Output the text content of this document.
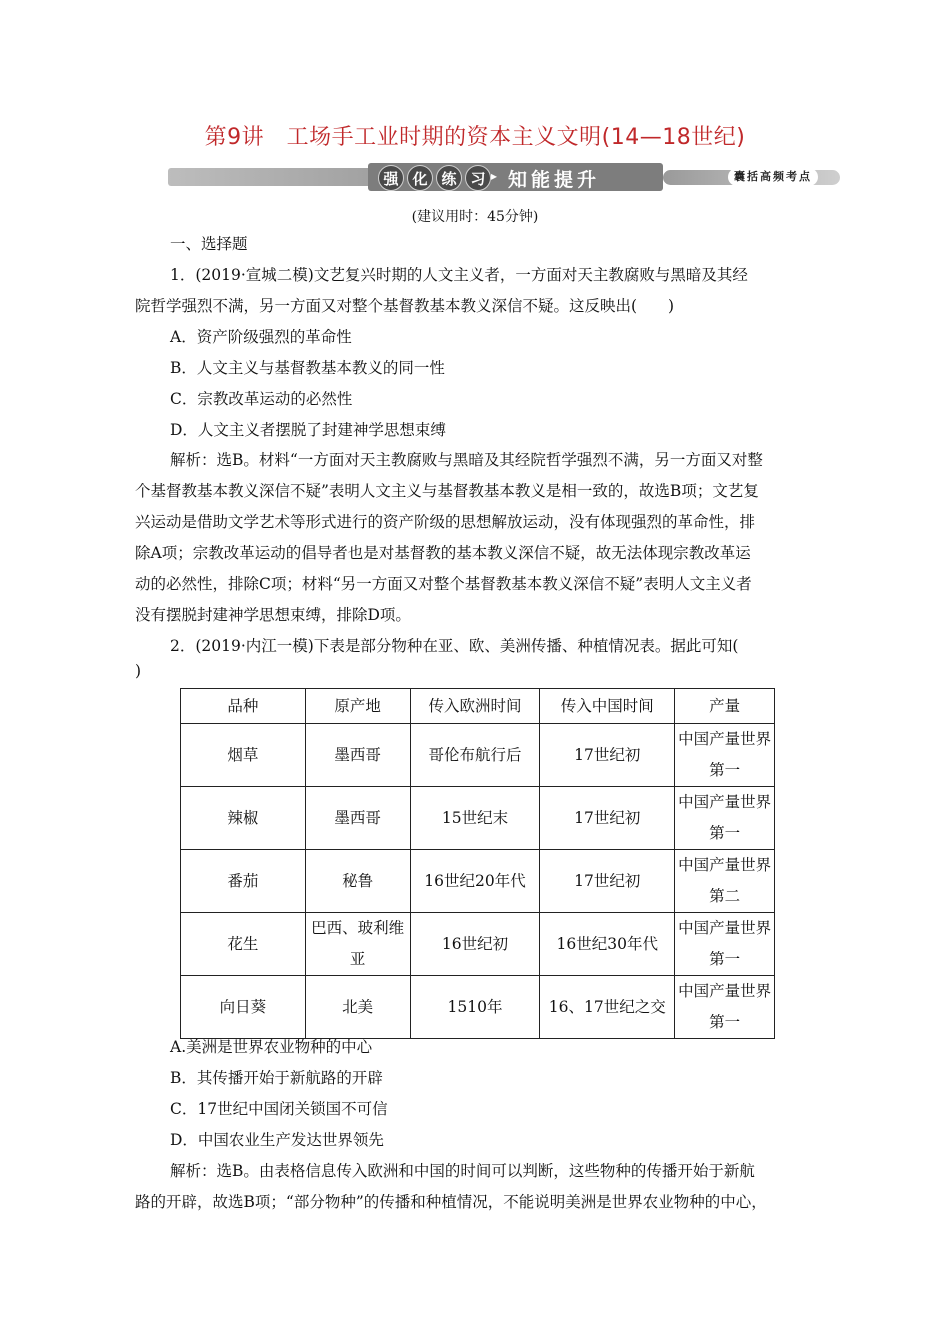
第9讲　工场手工业时期的资本主义文明(14—18世纪)
强 化 练 习 ▸ 知能提升	囊括高频考点
(建议用时：45分钟)
一、选择题
1．(2019·宣城二模)文艺复兴时期的人文主义者，一方面对天主教腐败与黑暗及其经
院哲学强烈不满，另一方面又对整个基督教基本教义深信不疑。这反映出(　　)
A．资产阶级强烈的革命性
B．人文主义与基督教基本教义的同一性
C．宗教改革运动的必然性
D．人文主义者摆脱了封建神学思想束缚
解析：选B。材料“一方面对天主教腐败与黑暗及其经院哲学强烈不满，另一方面又对整
个基督教基本教义深信不疑”表明人文主义与基督教基本教义是相一致的，故选B项；文艺复
兴运动是借助文学艺术等形式进行的资产阶级的思想解放运动，没有体现强烈的革命性，排
除A项；宗教改革运动的倡导者也是对基督教的基本教义深信不疑，故无法体现宗教改革运
动的必然性，排除C项；材料“另一方面又对整个基督教基本教义深信不疑”表明人文主义者
没有摆脱封建神学思想束缚，排除D项。
2．(2019·内江一模)下表是部分物种在亚、欧、美洲传播、种植情况表。据此可知(
)
品种	原产地	传入欧洲时间	传入中国时间	产量
烟草	墨西哥	哥伦布航行后	17世纪初	中国产量世界第一
辣椒	墨西哥	15世纪末	17世纪初	中国产量世界第一
番茄	秘鲁	16世纪20年代	17世纪初	中国产量世界第二
花生	巴西、玻利维亚	16世纪初	16世纪30年代	中国产量世界第一
向日葵	北美	1510年	16、17世纪之交	中国产量世界第一
A.美洲是世界农业物种的中心
B．其传播开始于新航路的开辟
C．17世纪中国闭关锁国不可信
D．中国农业生产发达世界领先
解析：选B。由表格信息传入欧洲和中国的时间可以判断，这些物种的传播开始于新航
路的开辟，故选B项；“部分物种”的传播和种植情况，不能说明美洲是世界农业物种的中心，
